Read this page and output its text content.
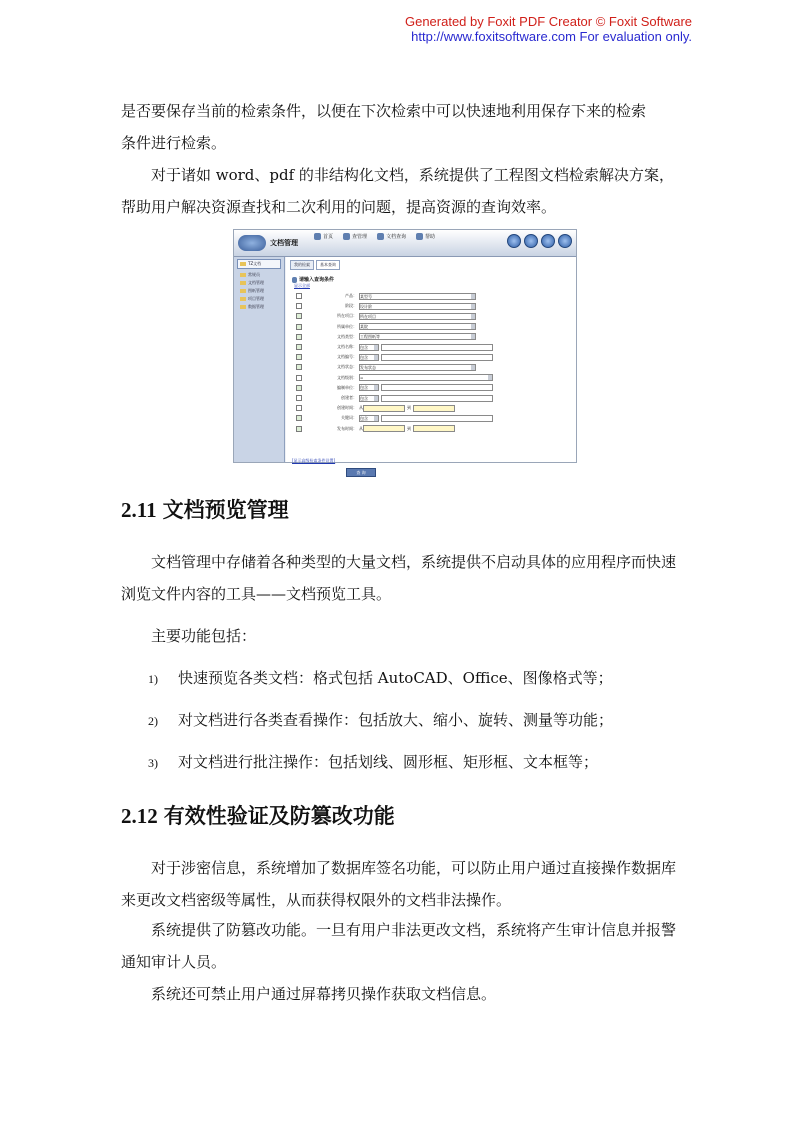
Generated by Foxit PDF Creator © Foxit Software
http://www.foxitsoftware.com For evaluation only.

是否要保存当前的检索条件，以便在下次检索中可以快速地利用保存下来的检索

条件进行检索。

对于诸如 word、pdf 的非结构化文档，系统提供了工程图文档检索解决方案，帮助用户解决资源查找和二次利用的问题，提高资源的查询效率。

文档管理
首页	查管理	文档查询	帮助
TZ文档
常规员
文档管理
图纸管理
项目管理
数据管理
我的检索	基本查询
请输入查询条件
显示全部
产品： 某型号
阶段： 设计阶
所在项目： 所在项目
所属单位： 某院
文档类型： 工程图纸等
文档名称： 包含
文档编号： 包含
文档状态： 发布状态
文档级别： =
编制单位： 包含
创建者： 包含
创建时间： 从	到
关键词： 包含
发布时间： 从	到
[显示高级检索条件设置]
查 询
2.11 文档预览管理

文档管理中存储着各种类型的大量文档，系统提供不启动具体的应用程序而快速浏览文件内容的工具——文档预览工具。

主要功能包括：

1) 快速预览各类文档：格式包括 AutoCAD、Office、图像格式等；
2) 对文档进行各类查看操作：包括放大、缩小、旋转、测量等功能；
3) 对文档进行批注操作：包括划线、圆形框、矩形框、文本框等；
2.12 有效性验证及防篡改功能

对于涉密信息，系统增加了数据库签名功能，可以防止用户通过直接操作数据库来更改文档密级等属性，从而获得权限外的文档非法操作。

系统提供了防篡改功能。一旦有用户非法更改文档，系统将产生审计信息并报警通知审计人员。

系统还可禁止用户通过屏幕拷贝操作获取文档信息。
